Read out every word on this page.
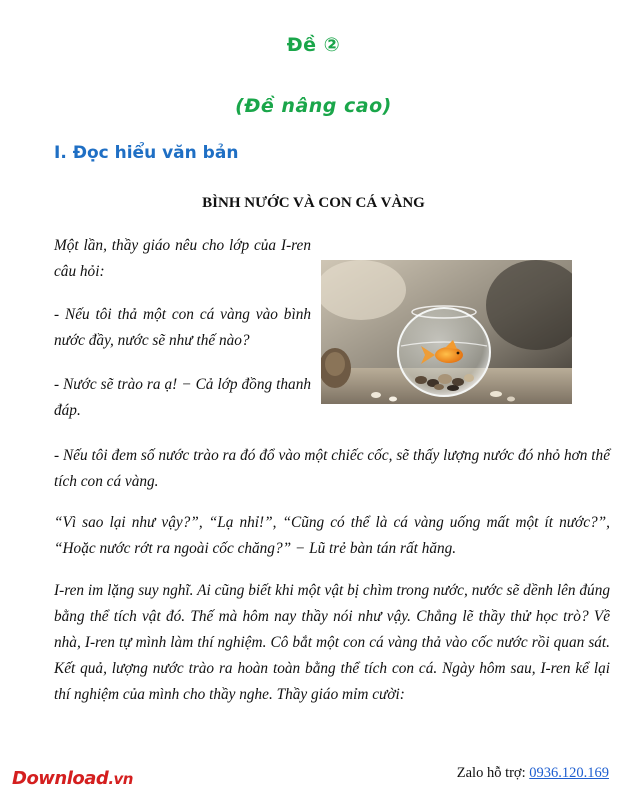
Đề ②
(Đề nâng cao)
I. Đọc hiểu văn bản
BÌNH NƯỚC VÀ CON CÁ VÀNG
Một lần, thầy giáo nêu cho lớp của I-ren câu hỏi:
- Nếu tôi thả một con cá vàng vào bình nước đầy, nước sẽ như thế nào?
- Nước sẽ trào ra ạ! − Cả lớp đồng thanh đáp.
- Nếu tôi đem số nước trào ra đó đổ vào một chiếc cốc, sẽ thấy lượng nước đó nhỏ hơn thể tích con cá vàng.
“Vì sao lại như vậy?”, “Lạ nhỉ!”, “Cũng có thể là cá vàng uống mất một ít nước?”, “Hoặc nước rớt ra ngoài cốc chăng?” − Lũ trẻ bàn tán rất hăng.
I-ren im lặng suy nghĩ. Ai cũng biết khi một vật bị chìm trong nước, nước sẽ dềnh lên đúng bằng thể tích vật đó. Thế mà hôm nay thầy nói như vậy. Chẳng lẽ thầy thử học trò? Về nhà, I-ren tự mình làm thí nghiệm. Cô bắt một con cá vàng thả vào cốc nước rồi quan sát. Kết quả, lượng nước trào ra hoàn toàn bằng thể tích con cá. Ngày hôm sau, I-ren kể lại thí nghiệm của mình cho thầy nghe. Thầy giáo mỉm cười:
Download.vn	Zalo hỗ trợ: 0936.120.169
